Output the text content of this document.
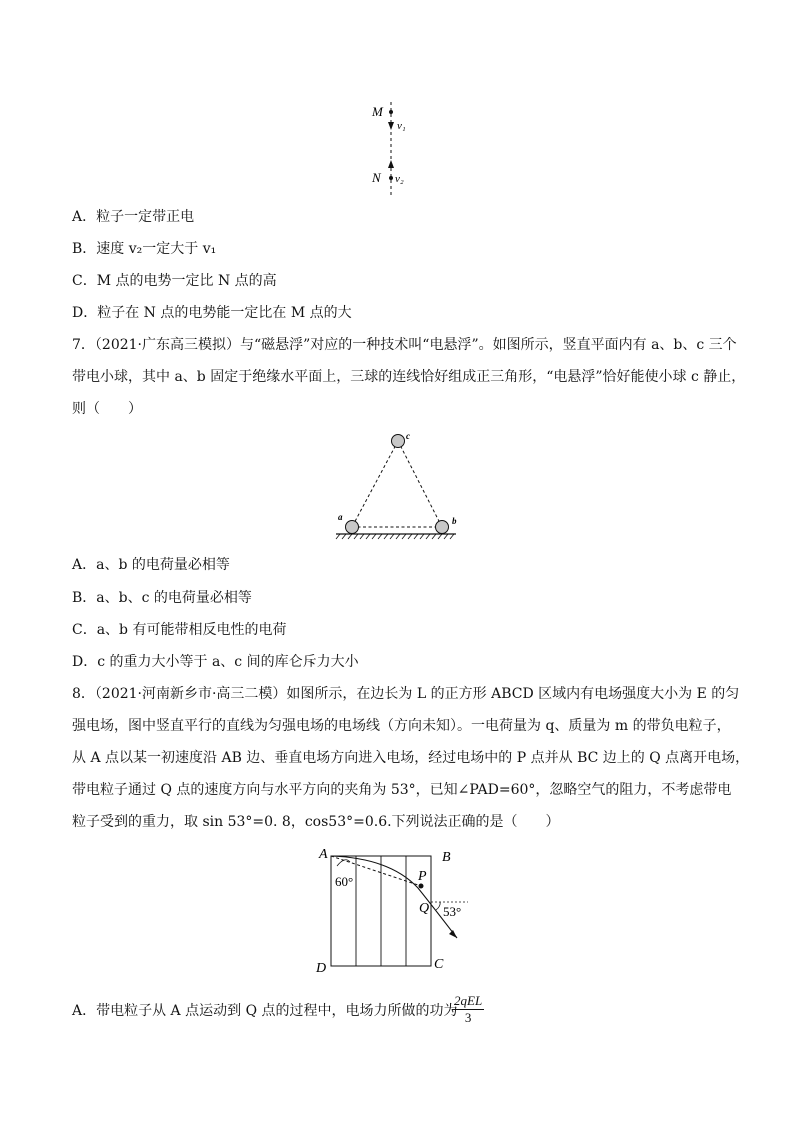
M
v₁
N v₂
A．粒子一定带正电
B．速度 v₂一定大于 v₁
C．M 点的电势一定比 N 点的高
D．粒子在 N 点的电势能一定比在 M 点的大
7．（2021·广东高三模拟）与“磁悬浮”对应的一种技术叫“电悬浮”。如图所示，竖直平面内有 a、b、c 三个
带电小球，其中 a、b 固定于绝缘水平面上，三球的连线恰好组成正三角形，“电悬浮”恰好能使小球 c 静止，
则（　　）
c
a	b
A．a、b 的电荷量必相等
B．a、b、c 的电荷量必相等
C．a、b 有可能带相反电性的电荷
D．c 的重力大小等于 a、c 间的库仑斥力大小
8．（2021·河南新乡市·高三二模）如图所示，在边长为 L 的正方形 ABCD 区域内有电场强度大小为 E 的匀
强电场，图中竖直平行的直线为匀强电场的电场线（方向未知）。一电荷量为 q、质量为 m 的带负电粒子，
从 A 点以某一初速度沿 AB 边、垂直电场方向进入电场，经过电场中的 P 点并从 BC 边上的 Q 点离开电场，
带电粒子通过 Q 点的速度方向与水平方向的夹角为 53°，已知∠PAD=60°，忽略空气的阻力，不考虑带电
粒子受到的重力，取 sin 53°=0. 8，cos53°=0.6.下列说法正确的是（　　）
A	B
C
D
P
Q
60°
53°
A．带电粒子从 A 点运动到 Q 点的过程中，电场力所做的功为
2qEL
3
